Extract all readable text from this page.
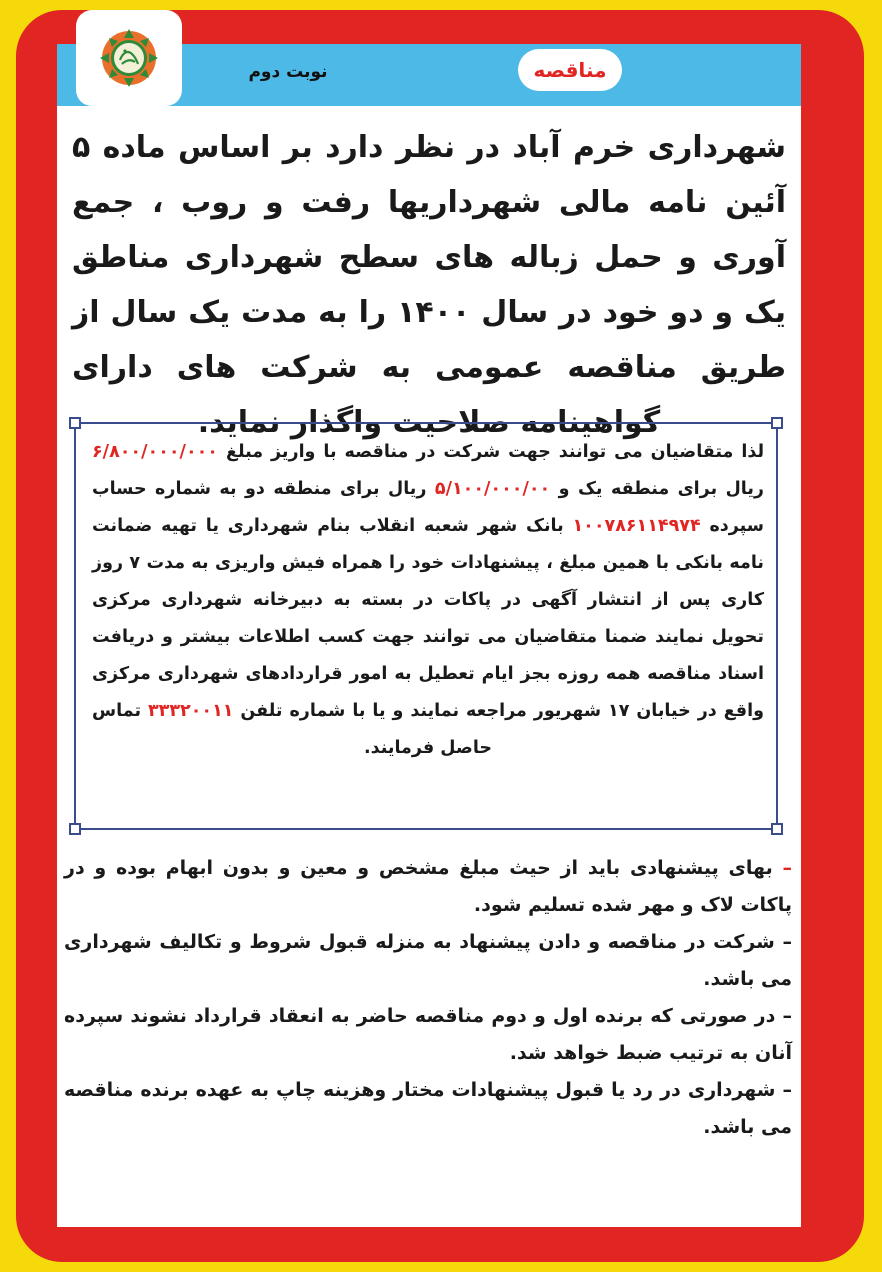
مناقصه
نوبت دوم
شهرداری خرم آباد در نظر دارد بر اساس ماده ۵ آئین نامه مالی شهرداریها رفت و روب ، جمع آوری و حمل زباله های سطح شهرداری مناطق یک و دو خود در سال ۱۴۰۰ را به مدت یک سال از طریق مناقصه عمومی به شرکت های دارای گواهینامه صلاحیت واگذار نماید.
لذا متقاضیان می توانند جهت شرکت در مناقصه با واریز مبلغ ۶/۸۰۰/۰۰۰/۰۰۰ ریال برای منطقه یک و ۵/۱۰۰/۰۰۰/۰۰ ریال برای منطقه دو به شماره حساب سپرده ۱۰۰۷۸۶۱۱۴۹۷۴ بانک شهر شعبه انقلاب بنام شهرداری یا تهیه ضمانت نامه بانکی با همین مبلغ ، پیشنهادات خود را همراه فیش واریزی به مدت ۷ روز کاری پس از انتشار آگهی در پاکات در بسته به دبیرخانه شهرداری مرکزی تحویل نمایند ضمنا متقاضیان می توانند جهت کسب اطلاعات بیشتر و دریافت اسناد مناقصه همه روزه بجز ایام تعطیل به امور قراردادهای شهرداری مرکزی واقع در خیابان ۱۷ شهریور مراجعه نمایند و یا با شماره تلفن ۳۳۳۲۰۰۱۱ تماس حاصل فرمایند.

– بهای پیشنهادی باید از حیث مبلغ مشخص و معین و بدون ابهام بوده و در پاکات لاک و مهر شده تسلیم شود.

– شرکت در مناقصه و دادن پیشنهاد به منزله قبول شروط و تکالیف شهرداری می باشد.

– در صورتی که برنده اول و دوم مناقصه حاضر به انعقاد قرارداد نشوند سپرده آنان به ترتیب ضبط خواهد شد.

– شهرداری در رد یا قبول پیشنهادات مختار وهزینه چاپ به عهده برنده مناقصه می باشد.
